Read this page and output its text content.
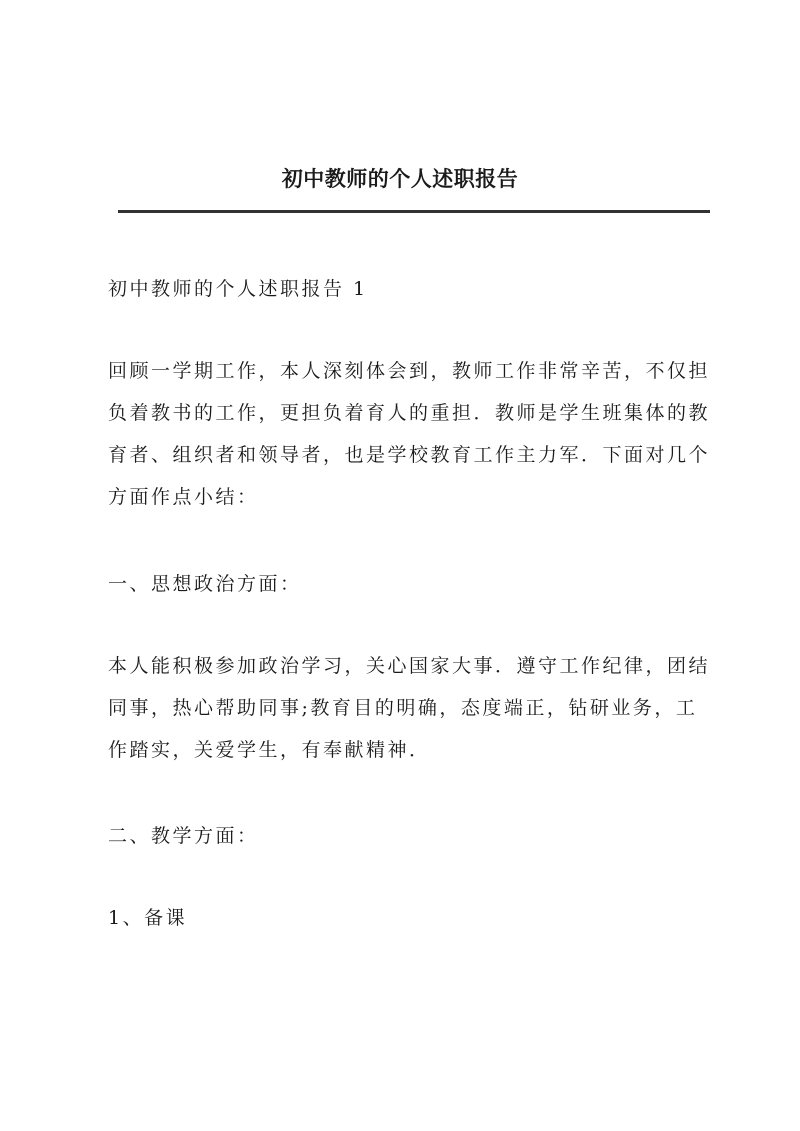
初中教师的个人述职报告

初中教师的个人述职报告 1

回顾一学期工作，本人深刻体会到，教师工作非常辛苦，不仅担负着教书的工作，更担负着育人的重担．教师是学生班集体的教育者、组织者和领导者，也是学校教育工作主力军．下面对几个方面作点小结：

一、思想政治方面：

本人能积极参加政治学习，关心国家大事．遵守工作纪律，团结同事，热心帮助同事;教育目的明确，态度端正，钻研业务，工作踏实，关爱学生，有奉献精神．

二、教学方面：

1、备课
